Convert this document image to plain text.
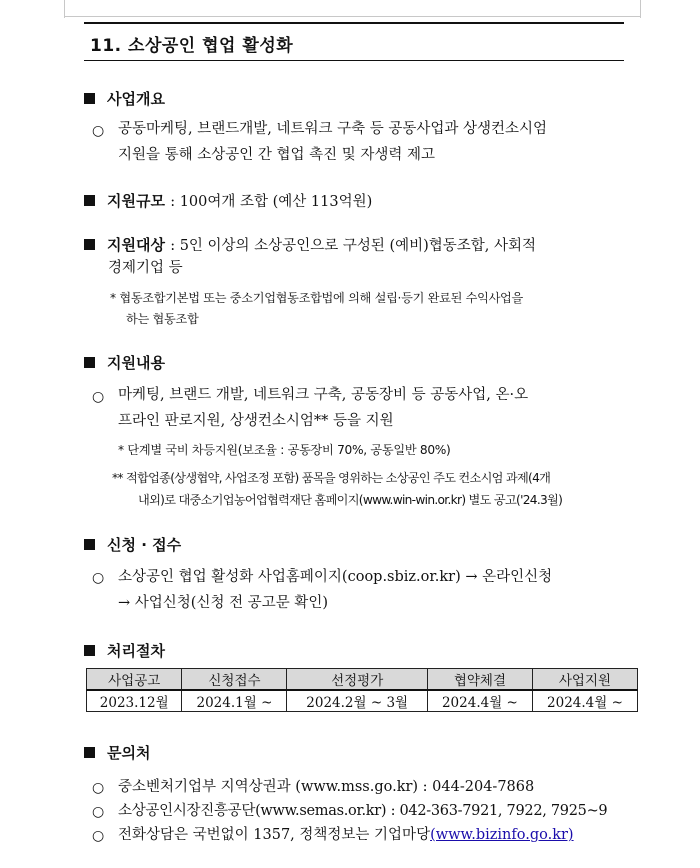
11. 소상공인 협업 활성화
사업개요
○ 공동마케팅, 브랜드개발, 네트워크 구축 등 공동사업과 상생컨소시엄
지원을 통해 소상공인 간 협업 촉진 및 자생력 제고
지원규모 : 100여개 조합 (예산 113억원)
지원대상 : 5인 이상의 소상공인으로 구성된 (예비)협동조합, 사회적
경제기업 등
* 협동조합기본법 또는 중소기업협동조합법에 의해 설립·등기 완료된 수익사업을
하는 협동조합
지원내용
○ 마케팅, 브랜드 개발, 네트워크 구축, 공동장비 등 공동사업, 온·오
프라인 판로지원, 상생컨소시엄** 등을 지원
* 단계별 국비 차등지원(보조율 : 공동장비 70%, 공동일반 80%)
** 적합업종(상생협약, 사업조정 포함) 품목을 영위하는 소상공인 주도 컨소시엄 과제(4개
내외)로 대중소기업농어업협력재단 홈페이지(www.win-win.or.kr) 별도 공고('24.3월)
신청 · 접수
○ 소상공인 협업 활성화 사업홈페이지(coop.sbiz.or.kr) → 온라인신청
→ 사업신청(신청 전 공고문 확인)
처리절차
사업공고	신청접수	선정평가	협약체결	사업지원
2023.12월	2024.1월 ~	2024.2월 ~ 3월	2024.4월 ~	2024.4월 ~
문의처
○ 중소벤처기업부 지역상권과 (www.mss.go.kr) : 044-204-7868
○ 소상공인시장진흥공단(www.semas.or.kr) : 042-363-7921, 7922, 7925~9
○ 전화상담은 국번없이 1357, 정책정보는 기업마당(www.bizinfo.go.kr)
